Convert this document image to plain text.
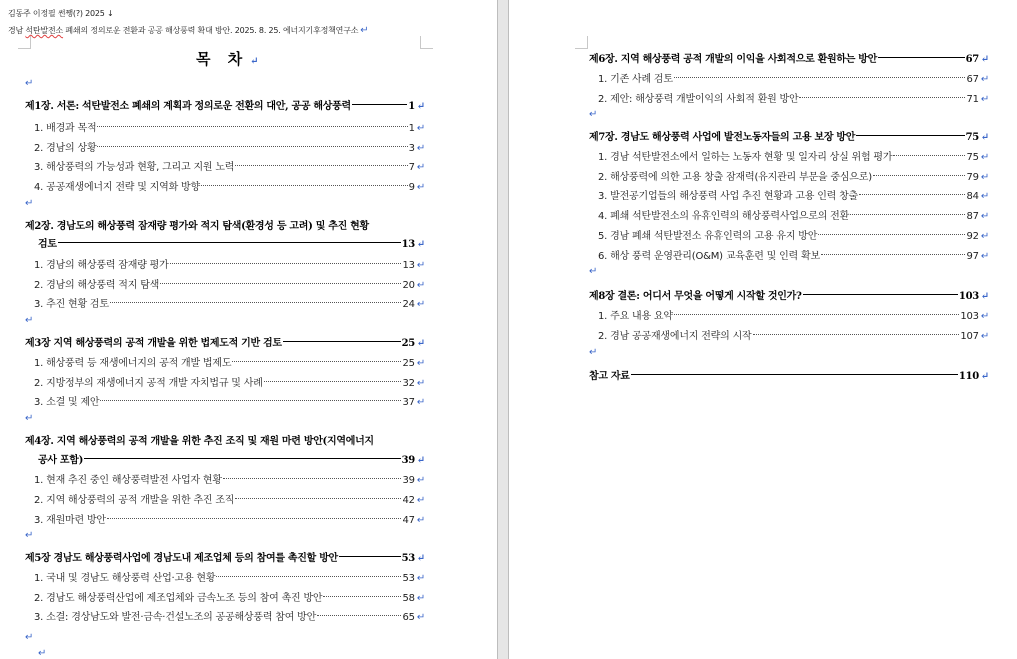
김동주 이정필 썬쨍(?) 2025 ↓
경남 석탄발전소 폐쇄의 정의로운 전환과 공공 해상풍력 확대 방안. 2025. 8. 25. 에너지기후정책연구소 ↵
목 차 ↵
↵
제1장. 서론: 석탄발전소 폐쇄의 계획과 정의로운 전환의 대안, 공공 해상풍력	1 ↵
1. 배경과 목적	1 ↵
2. 경남의 상황	3 ↵
3. 해상풍력의 가능성과 현황, 그리고 지원 노력	7 ↵
4. 공공재생에너지 전략 및 지역화 방향	9 ↵
↵
제2장. 경남도의 해상풍력 잠재량 평가와 적지 탐색(환경성 등 고려) 및 추진 현황
검토	13 ↵
1. 경남의 해상풍력 잠재량 평가	13 ↵
2. 경남의 해상풍력 적지 탐색	20 ↵
3. 추진 현황 검토	24 ↵
↵
제3장 지역 해상풍력의 공적 개발을 위한 법제도적 기반 검토	25 ↵
1. 해상풍력 등 재생에너지의 공적 개발 법제도	25 ↵
2. 지방정부의 재생에너지 공적 개발 자치법규 및 사례	32 ↵
3. 소결 및 제안	37 ↵
↵
제4장. 지역 해상풍력의 공적 개발을 위한 추진 조직 및 재원 마련 방안(지역에너지
공사 포함)	39 ↵
1. 현재 추진 중인 해상풍력발전 사업자 현황	39 ↵
2. 지역 해상풍력의 공적 개발을 위한 추진 조직	42 ↵
3. 재원마련 방안	47 ↵
↵
제5장 경남도 해상풍력사업에 경남도내 제조업체 등의 참여를 촉진할 방안	53 ↵
1. 국내 및 경남도 해상풍력 산업·고용 현황	53 ↵
2. 경남도 해상풍력산업에 제조업체와 금속노조 등의 참여 촉진 방안	58 ↵
3. 소결: 경상남도와 발전·금속·건설노조의 공공해상풍력 참여 방안	65 ↵
↵
↵
제6장. 지역 해상풍력 공적 개발의 이익을 사회적으로 환원하는 방안	67 ↵
1. 기존 사례 검토	67 ↵
2. 제안: 해상풍력 개발이익의 사회적 환원 방안	71 ↵
↵
제7장. 경남도 해상풍력 사업에 발전노동자들의 고용 보장 방안	75 ↵
1. 경남 석탄발전소에서 일하는 노동자 현황 및 일자리 상실 위험 평가	75 ↵
2. 해상풍력에 의한 고용 창출 잠재력(유지관리 부문을 중심으로)	79 ↵
3. 발전공기업들의 해상풍력 사업 추진 현황과 고용 인력 창출	84 ↵
4. 폐쇄 석탄발전소의 유휴인력의 해상풍력사업으로의 전환	87 ↵
5. 경남 폐쇄 석탄발전소 유휴인력의 고용 유지 방안	92 ↵
6. 해상 풍력 운영관리(O&M) 교육훈련 및 인력 확보	97 ↵
↵
제8장 결론: 어디서 무엇을 어떻게 시작할 것인가?	103 ↵
1. 주요 내용 요약	103 ↵
2. 경남 공공재생에너지 전략의 시작	107 ↵
↵
참고 자료	110 ↵
